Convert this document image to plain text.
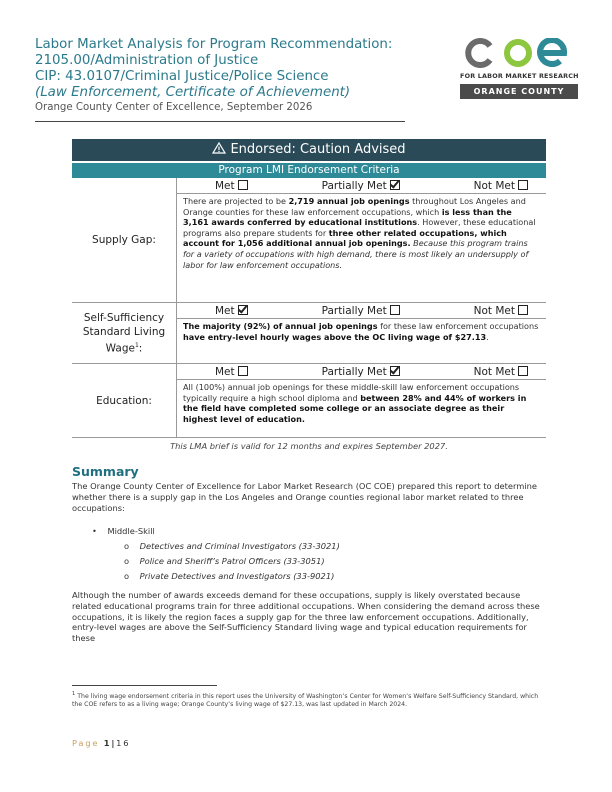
Labor Market Analysis for Program Recommendation:
2105.00/Administration of Justice
CIP: 43.0107/Criminal Justice/Police Science
(Law Enforcement, Certificate of Achievement)
Orange County Center of Excellence, September 2026
FOR LABOR MARKET RESEARCH
ORANGE COUNTY
Endorsed: Caution Advised
Program LMI Endorsement Criteria
Supply Gap:
Met	Partially Met	Not Met
There are projected to be 2,719 annual job openings throughout Los Angeles and Orange counties for these law enforcement occupations, which is less than the 3,161 awards conferred by educational institutions. However, these educational programs also prepare students for three other related occupations, which account for 1,056 additional annual job openings. Because this program trains for a variety of occupations with high demand, there is most likely an undersupply of labor for law enforcement occupations.
Self-Sufficiency Standard Living Wage$^1$:
Met	Partially Met	Not Met
The majority (92%) of annual job openings for these law enforcement occupations have entry-level hourly wages above the OC living wage of $27.13.
Education:
Met	Partially Met	Not Met
All (100%) annual job openings for these middle-skill law enforcement occupations typically require a high school diploma and between 28% and 44% of workers in the field have completed some college or an associate degree as their highest level of education.
This LMA brief is valid for 12 months and expires September 2027.
Summary
The Orange County Center of Excellence for Labor Market Research (OC COE) prepared this report to determine whether there is a supply gap in the Los Angeles and Orange counties regional labor market related to three occupations:
•    Middle-Skill
o Detectives and Criminal Investigators (33-3021)
o Police and Sheriff’s Patrol Officers (33-3051)
o Private Detectives and Investigators (33-9021)
Although the number of awards exceeds demand for these occupations, supply is likely overstated because related educational programs train for three additional occupations. When considering the demand across these occupations, it is likely the region faces a supply gap for the three law enforcement occupations. Additionally, entry-level wages are above the Self-Sufficiency Standard living wage and typical education requirements for these
$^1$ The living wage endorsement criteria in this report uses the University of Washington’s Center for Women’s Welfare Self-Sufficiency Standard, which the COE refers to as a living wage; Orange County’s living wage of $27.13, was last updated in March 2024.
Page 1|16
